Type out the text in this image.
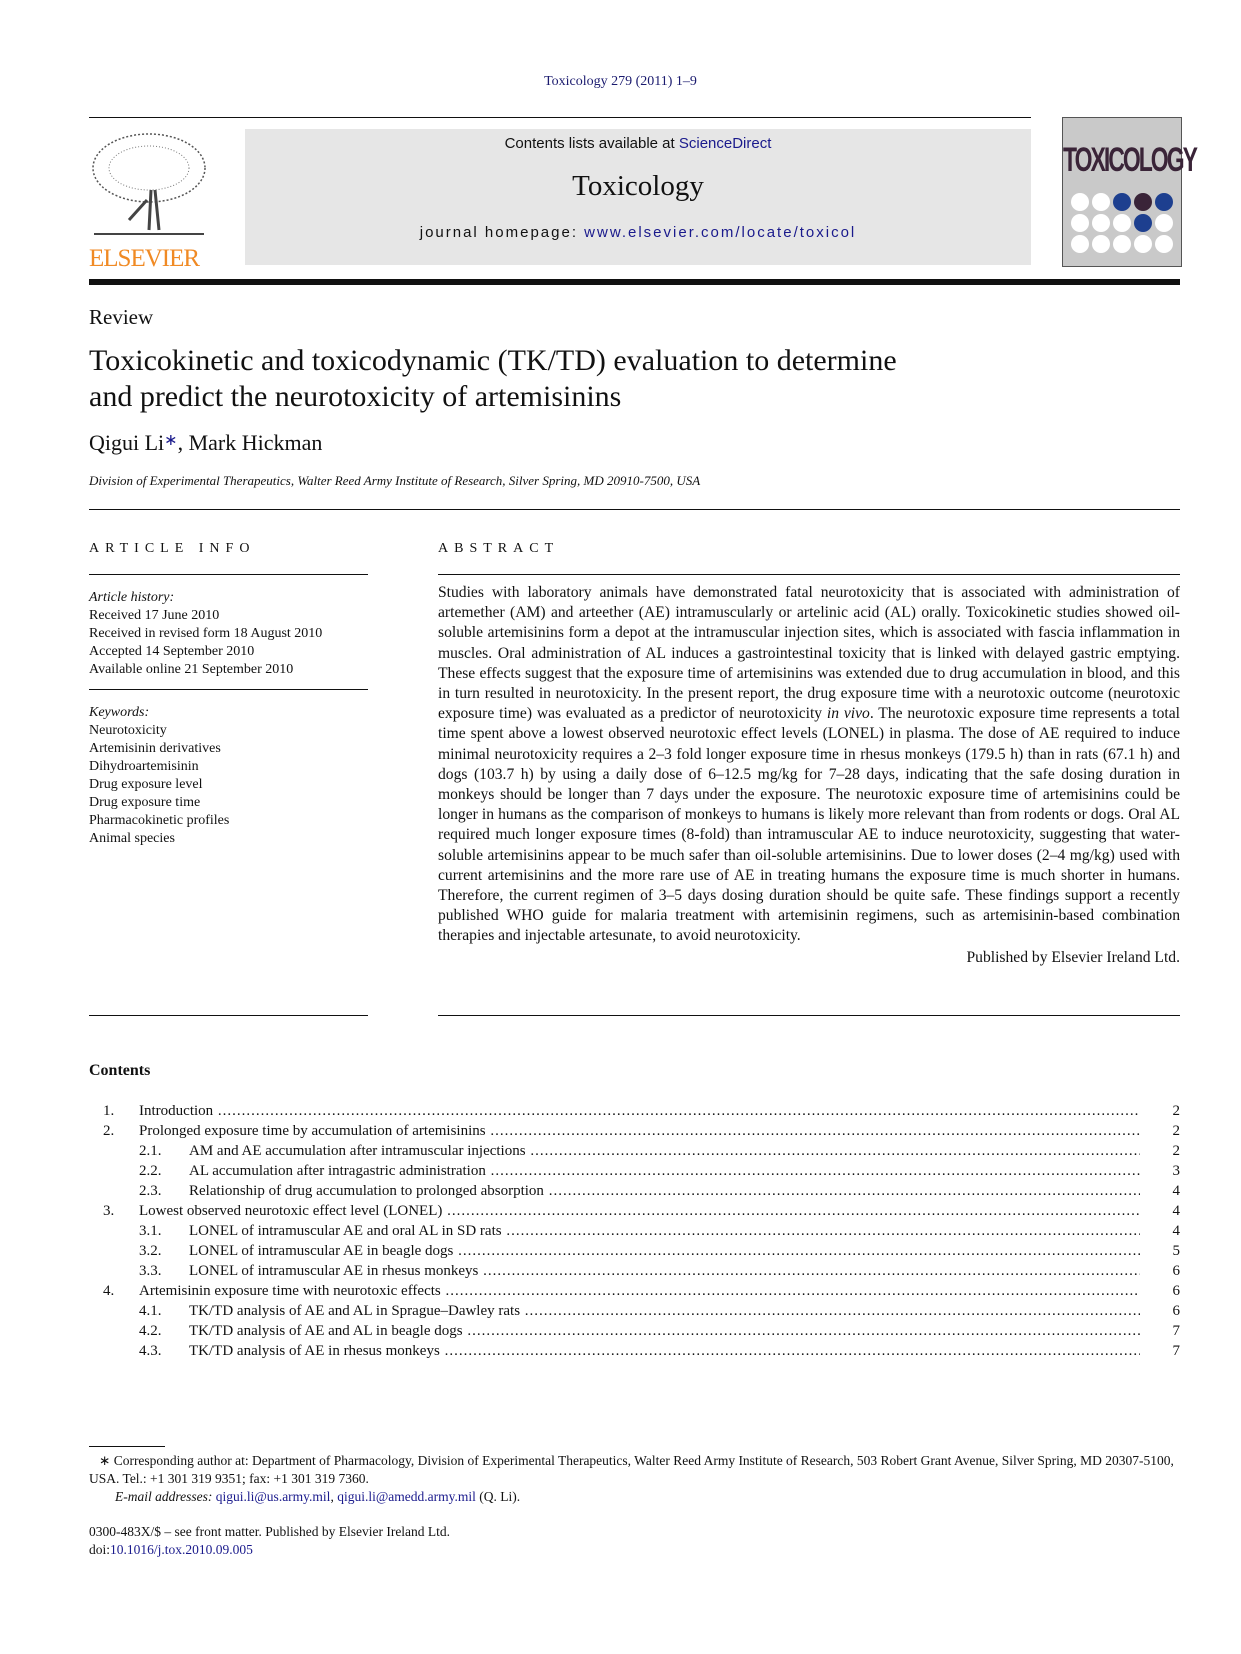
Toxicology 279 (2011) 1–9
ELSEVIER
Contents lists available at ScienceDirect
Toxicology
journal homepage: www.elsevier.com/locate/toxicol
TOXICOLOGY
Review
Toxicokinetic and toxicodynamic (TK/TD) evaluation to determine
and predict the neurotoxicity of artemisinins
Qigui Li∗, Mark Hickman
Division of Experimental Therapeutics, Walter Reed Army Institute of Research, Silver Spring, MD 20910-7500, USA
ARTICLE INFO	ABSTRACT
Article history:
Received 17 June 2010
Received in revised form 18 August 2010
Accepted 14 September 2010
Available online 21 September 2010
Keywords:
Neurotoxicity
Artemisinin derivatives
Dihydroartemisinin
Drug exposure level
Drug exposure time
Pharmacokinetic profiles
Animal species

Studies with laboratory animals have demonstrated fatal neurotoxicity that is associated with administration of artemether (AM) and arteether (AE) intramuscularly or artelinic acid (AL) orally. Toxicokinetic studies showed oil-soluble artemisinins form a depot at the intramuscular injection sites, which is associated with fascia inflammation in muscles. Oral administration of AL induces a gastrointestinal toxicity that is linked with delayed gastric emptying. These effects suggest that the exposure time of artemisinins was extended due to drug accumulation in blood, and this in turn resulted in neurotoxicity. In the present report, the drug exposure time with a neurotoxic outcome (neurotoxic exposure time) was evaluated as a predictor of neurotoxicity in vivo. The neurotoxic exposure time represents a total time spent above a lowest observed neurotoxic effect levels (LONEL) in plasma. The dose of AE required to induce minimal neurotoxicity requires a 2–3 fold longer exposure time in rhesus monkeys (179.5 h) than in rats (67.1 h) and dogs (103.7 h) by using a daily dose of 6–12.5 mg/kg for 7–28 days, indicating that the safe dosing duration in monkeys should be longer than 7 days under the exposure. The neurotoxic exposure time of artemisinins could be longer in humans as the comparison of monkeys to humans is likely more relevant than from rodents or dogs. Oral AL required much longer exposure times (8-fold) than intramuscular AE to induce neurotoxicity, suggesting that water-soluble artemisinins appear to be much safer than oil-soluble artemisinins. Due to lower doses (2–4 mg/kg) used with current artemisinins and the more rare use of AE in treating humans the exposure time is much shorter in humans. Therefore, the current regimen of 3–5 days dosing duration should be quite safe. These findings support a recently published WHO guide for malaria treatment with artemisinin regimens, such as artemisinin-based combination therapies and injectable artesunate, to avoid neurotoxicity.

Published by Elsevier Ireland Ltd.
Contents
1.	Introduction .....	2
2.	Prolonged exposure time by accumulation of artemisinins .....	2
2.1.	AM and AE accumulation after intramuscular injections .....	2
2.2.	AL accumulation after intragastric administration .....	3
2.3.	Relationship of drug accumulation to prolonged absorption .....	4
3.	Lowest observed neurotoxic effect level (LONEL) .....	4
3.1.	LONEL of intramuscular AE and oral AL in SD rats .....	4
3.2.	LONEL of intramuscular AE in beagle dogs .....	5
3.3.	LONEL of intramuscular AE in rhesus monkeys .....	6
4.	Artemisinin exposure time with neurotoxic effects .....	6
4.1.	TK/TD analysis of AE and AL in Sprague–Dawley rats .....	6
4.2.	TK/TD analysis of AE and AL in beagle dogs .....	7
4.3.	TK/TD analysis of AE in rhesus monkeys .....	7
∗ Corresponding author at: Department of Pharmacology, Division of Experimental Therapeutics, Walter Reed Army Institute of Research, 503 Robert Grant Avenue, Silver Spring, MD 20307-5100, USA. Tel.: +1 301 319 9351; fax: +1 301 319 7360.
E-mail addresses: qigui.li@us.army.mil, qigui.li@amedd.army.mil (Q. Li).
0300-483X/$ – see front matter. Published by Elsevier Ireland Ltd.
doi:10.1016/j.tox.2010.09.005
